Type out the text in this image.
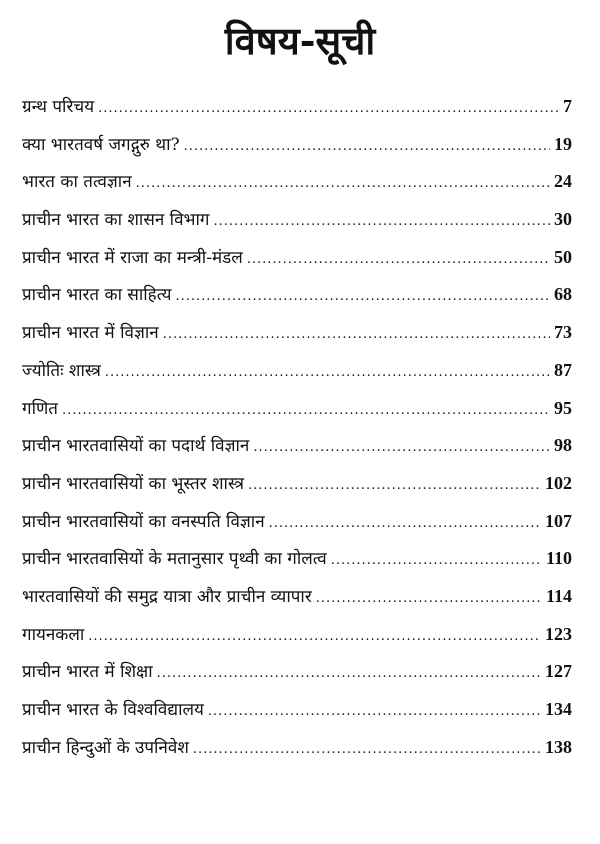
विषय-सूची
ग्रन्थ परिचय .....	7
क्या भारतवर्ष जगद्गुरु था? .....	19
भारत का तत्वज्ञान .....	24
प्राचीन भारत का शासन विभाग .....	30
प्राचीन भारत में राजा का मन्त्री-मंडल .....	50
प्राचीन भारत का साहित्य .....	68
प्राचीन भारत में विज्ञान .....	73
ज्योतिः शास्त्र .....	87
गणित .....	95
प्राचीन भारतवासियों का पदार्थ विज्ञान .....	98
प्राचीन भारतवासियों का भूस्तर शास्त्र .....	102
प्राचीन भारतवासियों का वनस्पति विज्ञान .....	107
प्राचीन भारतवासियों के मतानुसार पृथ्वी का गोलत्व .....	110
भारतवासियों की समुद्र यात्रा और प्राचीन व्यापार .....	114
गायनकला .....	123
प्राचीन भारत में शिक्षा .....	127
प्राचीन भारत के विश्वविद्यालय .....	134
प्राचीन हिन्दुओं के उपनिवेश .....	138
